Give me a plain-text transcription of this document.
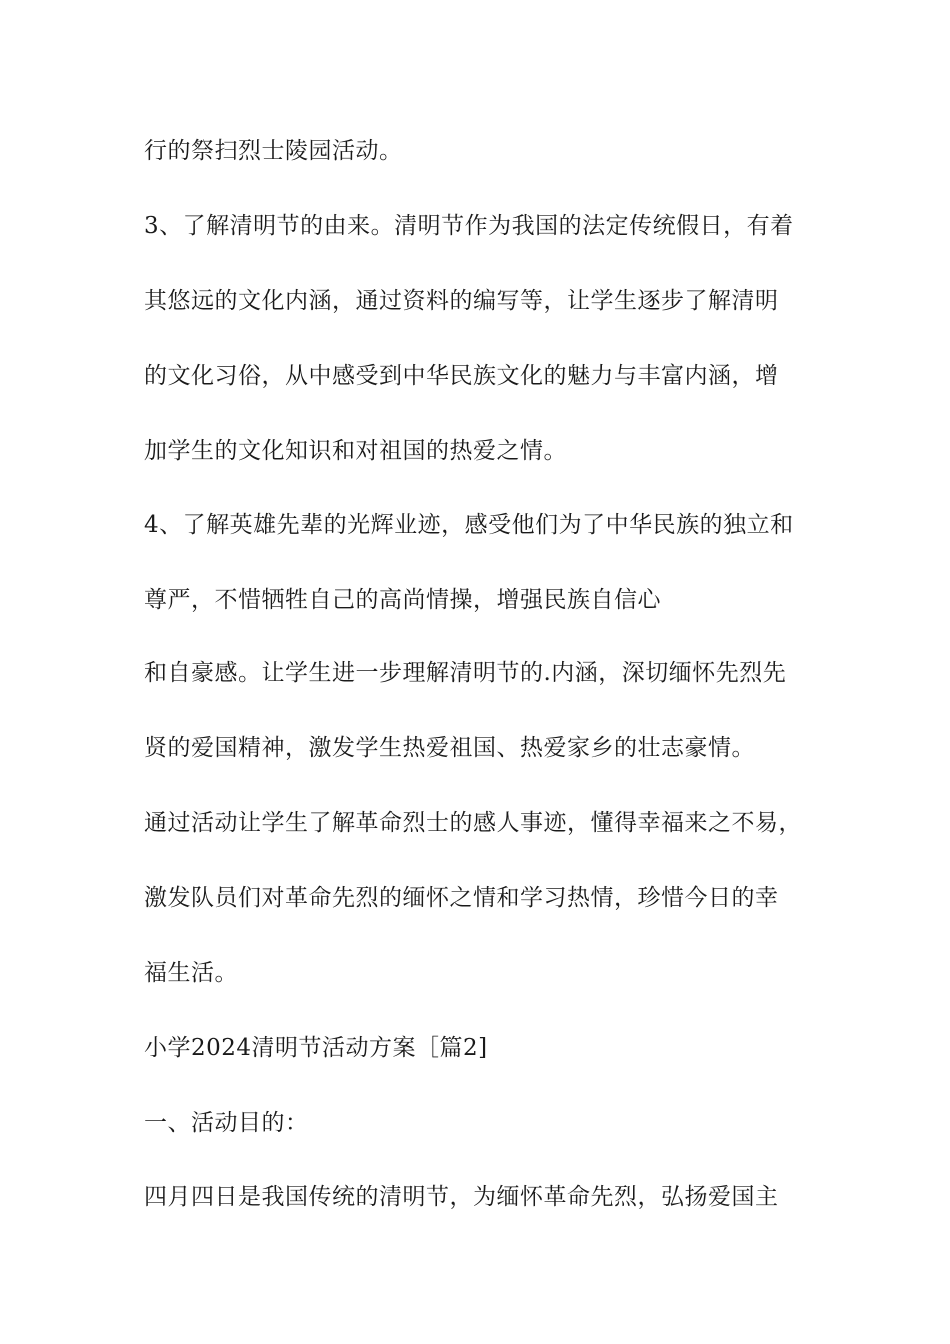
行的祭扫烈士陵园活动。
3、了解清明节的由来。清明节作为我国的法定传统假日，有着
其悠远的文化内涵，通过资料的编写等，让学生逐步了解清明
的文化习俗，从中感受到中华民族文化的魅力与丰富内涵，增
加学生的文化知识和对祖国的热爱之情。
4、了解英雄先辈的光辉业迹，感受他们为了中华民族的独立和
尊严，不惜牺牲自己的高尚情操，增强民族自信心
和自豪感。让学生进一步理解清明节的.内涵，深切缅怀先烈先
贤的爱国精神，激发学生热爱祖国、热爱家乡的壮志豪情。
通过活动让学生了解革命烈士的感人事迹，懂得幸福来之不易，
激发队员们对革命先烈的缅怀之情和学习热情，珍惜今日的幸
福生活。
小学2024清明节活动方案［篇2]
一、活动目的：
四月四日是我国传统的清明节，为缅怀革命先烈，弘扬爱国主
